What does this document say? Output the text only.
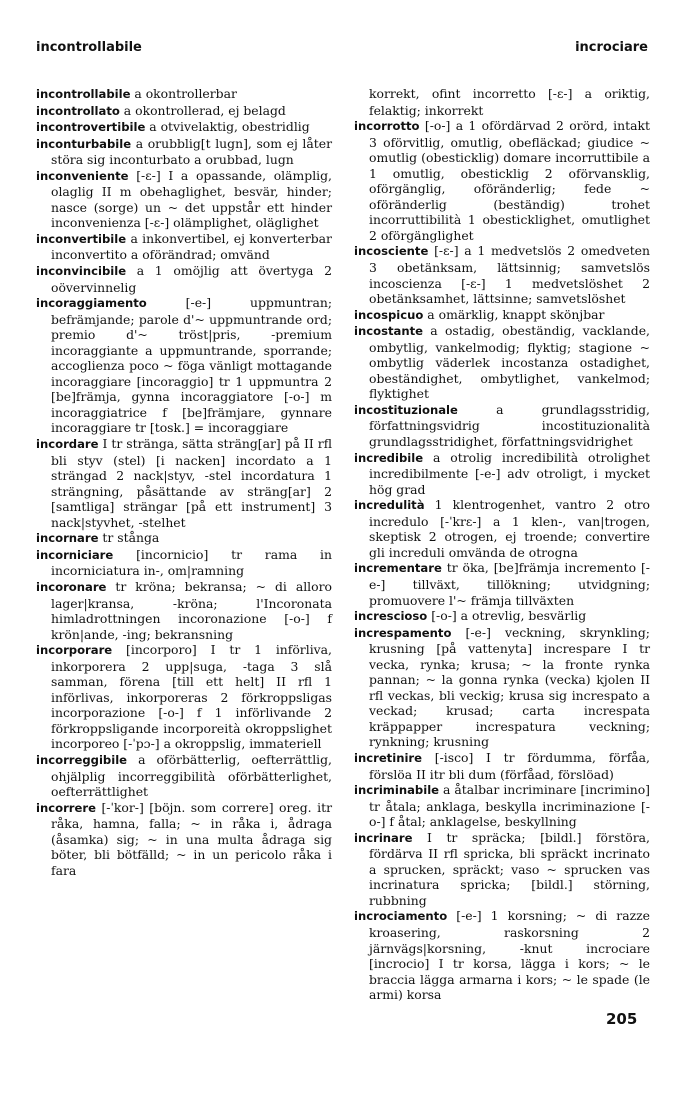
incontrollabile	incrociare

incontrollabile a okontrollerbar

incontrollato a okontrollerad, ej belagd

incontrovertibile a otvivelaktig, obestridlig

inconturbabile a orubblig[t lugn], som ej låter störa sig inconturbato a orubbad, lugn

inconveniente [-ɛ-] I a opassande, olämplig, olaglig II m obehaglighet, besvär, hinder; nasce (sorge) un ~ det uppstår ett hinder inconvenienza [-ɛ-] olämplighet, oläglighet

inconvertibile a inkonvertibel, ej konverterbar inconvertito a oförändrad; omvänd

inconvincibile a 1 omöjlig att övertyga 2 oövervinnelig

incoraggiamento	[-e-] uppmuntran; befrämjande; parole d'~ uppmuntrande ord; premio d'~ tröst|pris, -premium incoraggiante a uppmuntrande, sporrande; accoglienza poco ~ föga vänligt mottagande incoraggiare [incoraggio] tr 1 uppmuntra 2 [be]främja, gynna incoraggiatore [-o-] m incoraggiatrice f [be]främjare, gynnare incoraggiare tr [tosk.] = incoraggiare

incordare I tr stränga, sätta sträng[ar] på II rfl bli styv (stel) [i nacken] incordato a 1 strängad 2 nack|styv, -stel incordatura 1 strängning, påsättande av sträng[ar] 2 [samtliga] strängar [på ett instrument] 3 nack|styvhet, -stelhet

incornare tr stånga

incorniciare [incornicio] tr rama in incorniciatura in-, om|ramning

incoronare tr kröna; bekransa; ~ di alloro lager|kransa, -kröna; l'Incoronata himladrottningen incoronazione [-o-] f krön|ande, -ing; bekransning

incorporare [incorporo] I tr 1 införliva, inkorporera 2 upp|suga, -taga 3 slå samman, förena [till ett helt] II rfl 1 införlivas, inkorporeras 2 förkroppsligas incorporazione [-o-] f 1 införlivande 2 förkroppsligande incorporeità okroppslighet incorporeo [-ˈpɔ-] a okroppslig, immateriell

incorreggibile a oförbätterlig, oefterrättlig, ohjälplig incorreggibilità oförbätterlighet, oefterrättlighet

incorrere [-ˈkor-] [böjn. som correre] oreg. itr råka, hamna, falla; ~ in råka i, ådraga (åsamka) sig; ~ in una multa ådraga sig böter, bli bötfälld; ~ in un pericolo råka i fara

korrekt, ofint incorretto [-ɛ-] a oriktig, felaktig; inkorrekt

incorrotto [-o-] a 1 ofördärvad 2 orörd, intakt 3 oförvitlig, omutlig, obefläckad; giudice ~ omutlig (obesticklig) domare incorruttibile a 1 omutlig, obesticklig 2 oförvansklig, oförgänglig, oföränderlig; fede ~ oföränderlig (beständig) trohet incorruttibilità 1 obesticklighet, omutlighet 2 oförgänglighet

incosciente [-ɛ-] a 1 medvetslös 2 omedveten 3 obetänksam, lättsinnig; samvetslös incoscienza [-ɛ-] 1 medvetslöshet 2 obetänksamhet, lättsinne; samvetslöshet

incospicuo a omärklig, knappt skönjbar

incostante a ostadig, obeständig, vacklande, ombytlig, vankelmodig; flyktig; stagione ~ ombytlig väderlek incostanza ostadighet, obeständighet, ombytlighet, vankelmod; flyktighet

incostituzionale	a grundlagsstridig, författningsvidrig incostituzionalità grundlagsstridighet, författningsvidrighet

incredibile a otrolig incredibilità otrolighet incredibilmente [-e-] adv otroligt, i mycket hög grad

incredulità 1 klentrogenhet, vantro 2 otro incredulo [-ˈkrɛ-] a 1 klen-, van|trogen, skeptisk 2 otrogen, ej troende; convertire gli increduli omvända de otrogna

incrementare tr öka, [be]främja incremento [-e-] tillväxt, tillökning; utvidgning; promuovere l'~ främja tillväxten

increscioso [-o-] a otrevlig, besvärlig

increspamento [-e-] veckning, skrynkling; krusning [på vattenyta] increspare I tr vecka, rynka; krusa; ~ la fronte rynka pannan; ~ la gonna rynka (vecka) kjolen II rfl veckas, bli veckig; krusa sig increspato a veckad; krusad; carta increspata kräppapper increspatura veckning; rynkning; krusning

incretinire [-isco] I tr fördumma, förfåa, förslöa II itr bli dum (förfåad, förslöad)

incriminabile a åtalbar incriminare [incrimino] tr åtala; anklaga, beskylla incriminazione [-o-] f åtal; anklagelse, beskyllning

incrinare I tr spräcka; [bildl.] förstöra, fördärva II rfl spricka, bli spräckt incrinato a sprucken, spräckt; vaso ~ sprucken vas incrinatura spricka; [bildl.] störning, rubbning

incrociamento [-e-] 1 korsning; ~ di razze kroasering, raskorsning 2 järnvägs|korsning, -knut incrociare [incrocio] I tr korsa, lägga i kors; ~ le braccia lägga armarna i kors; ~ le spade (le armi) korsa

205
